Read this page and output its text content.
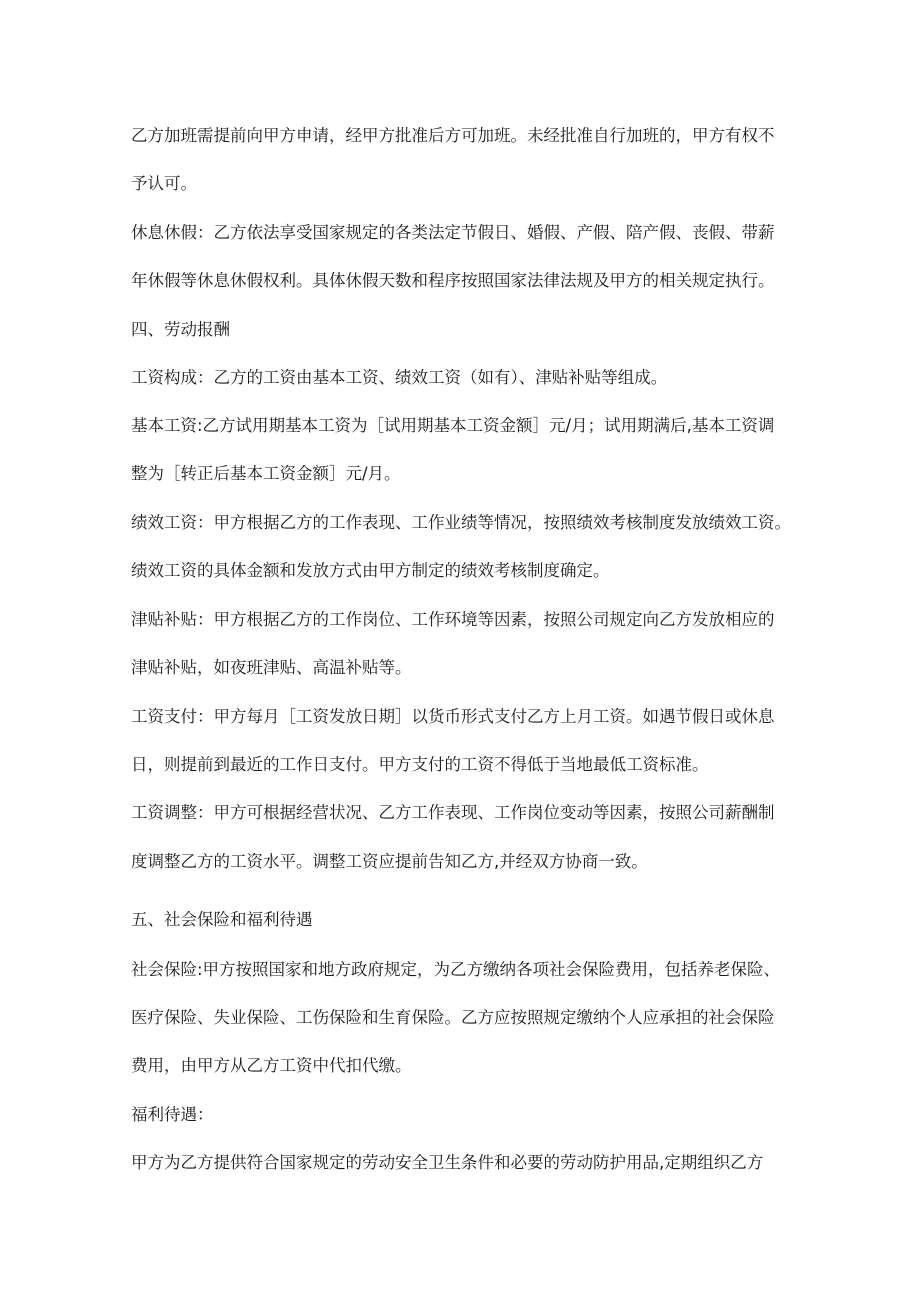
乙方加班需提前向甲方申请，经甲方批准后方可加班。未经批准自行加班的，甲方有权不
予认可。
休息休假：乙方依法享受国家规定的各类法定节假日、婚假、产假、陪产假、丧假、带薪
年休假等休息休假权利。具体休假天数和程序按照国家法律法规及甲方的相关规定执行。
四、劳动报酬
工资构成：乙方的工资由基本工资、绩效工资（如有）、津贴补贴等组成。
基本工资:乙方试用期基本工资为［试用期基本工资金额］元/月；试用期满后,基本工资调
整为［转正后基本工资金额］元/月。
绩效工资：甲方根据乙方的工作表现、工作业绩等情况，按照绩效考核制度发放绩效工资。
绩效工资的具体金额和发放方式由甲方制定的绩效考核制度确定。
津贴补贴：甲方根据乙方的工作岗位、工作环境等因素，按照公司规定向乙方发放相应的
津贴补贴，如夜班津贴、高温补贴等。
工资支付：甲方每月［工资发放日期］以货币形式支付乙方上月工资。如遇节假日或休息
日，则提前到最近的工作日支付。甲方支付的工资不得低于当地最低工资标准。
工资调整：甲方可根据经营状况、乙方工作表现、工作岗位变动等因素，按照公司薪酬制
度调整乙方的工资水平。调整工资应提前告知乙方,并经双方协商一致。
五、社会保险和福利待遇
社会保险:甲方按照国家和地方政府规定，为乙方缴纳各项社会保险费用，包括养老保险、
医疗保险、失业保险、工伤保险和生育保险。乙方应按照规定缴纳个人应承担的社会保险
费用，由甲方从乙方工资中代扣代缴。
福利待遇：
甲方为乙方提供符合国家规定的劳动安全卫生条件和必要的劳动防护用品,定期组织乙方
